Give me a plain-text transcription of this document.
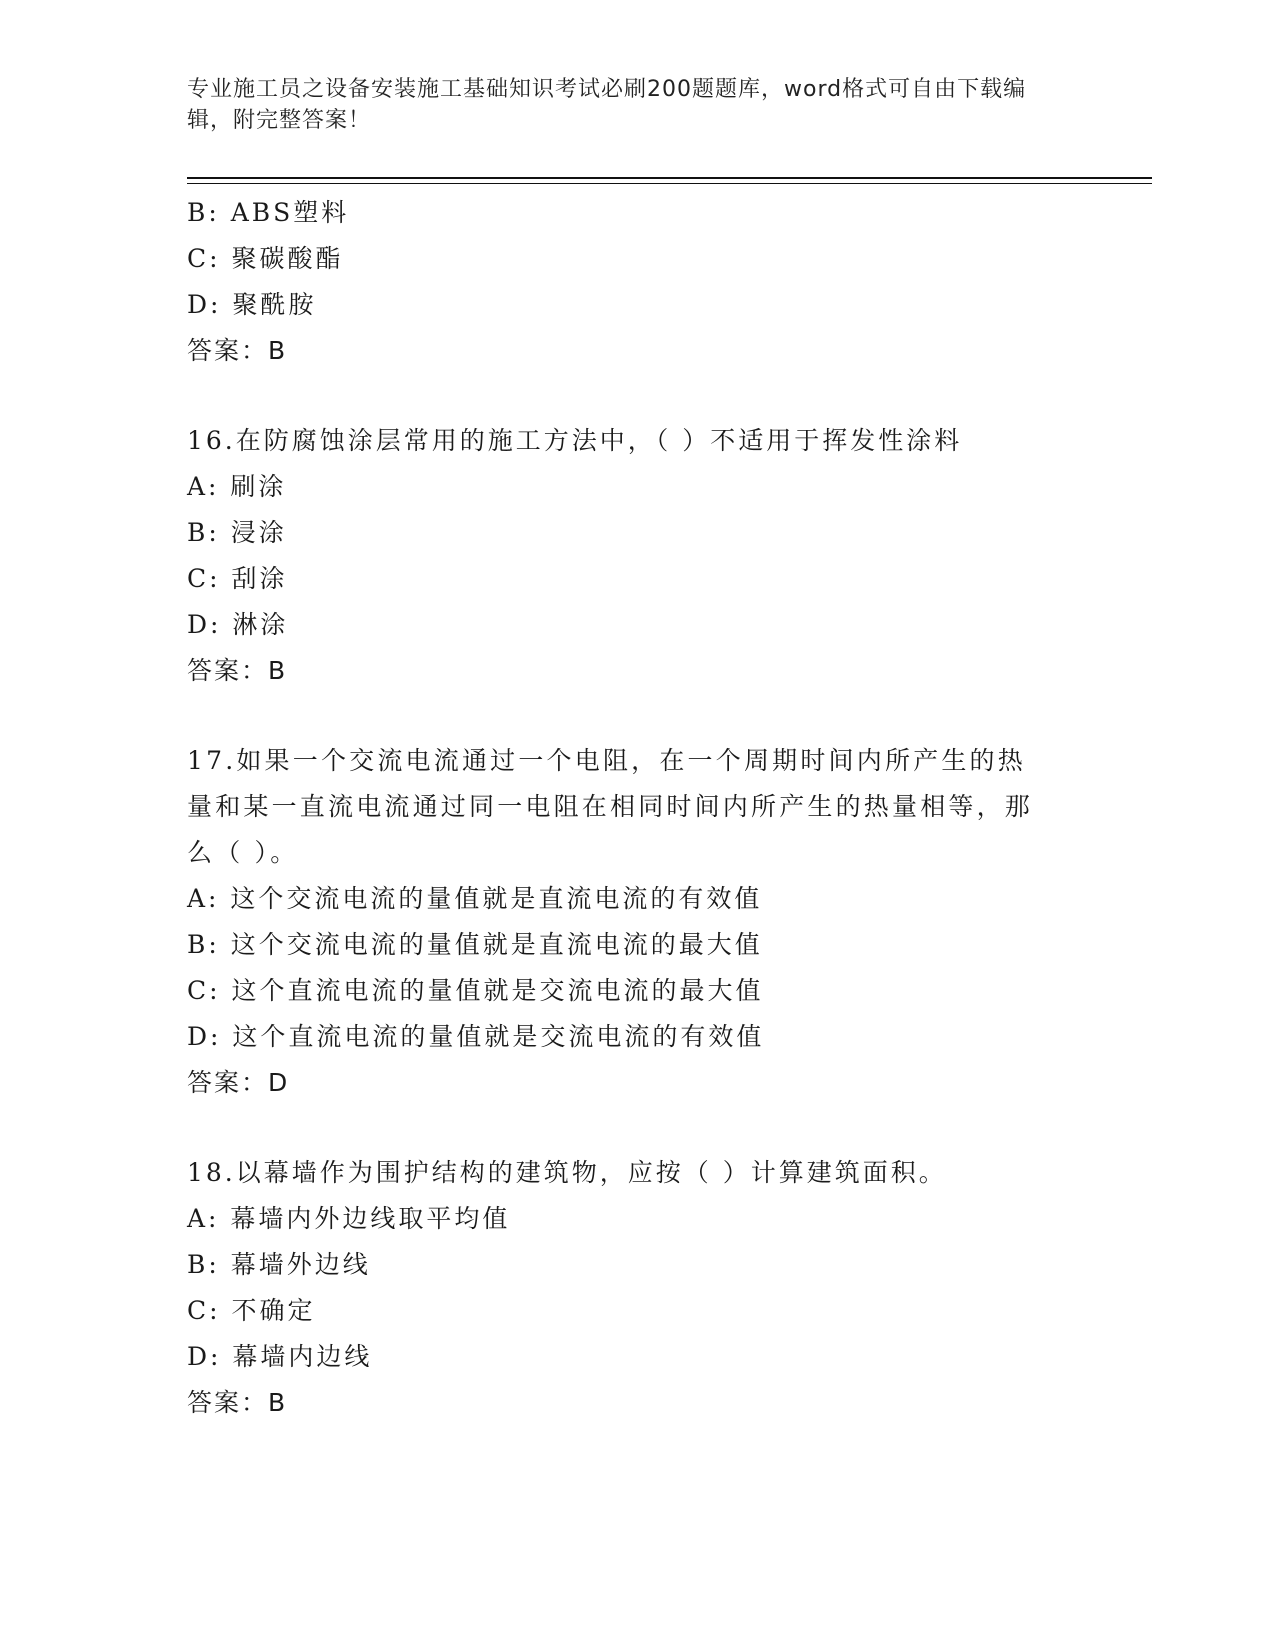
专业施工员之设备安装施工基础知识考试必刷200题题库，word格式可自由下载编辑，附完整答案！
B: ABS塑料
C: 聚碳酸酯
D: 聚酰胺
答案：B
16.在防腐蚀涂层常用的施工方法中，（ ）不适用于挥发性涂料
A: 刷涂
B: 浸涂
C: 刮涂
D: 淋涂
答案：B
17.如果一个交流电流通过一个电阻，在一个周期时间内所产生的热量和某一直流电流通过同一电阻在相同时间内所产生的热量相等，那么（ ）。
A: 这个交流电流的量值就是直流电流的有效值
B: 这个交流电流的量值就是直流电流的最大值
C: 这个直流电流的量值就是交流电流的最大值
D: 这个直流电流的量值就是交流电流的有效值
答案：D
18.以幕墙作为围护结构的建筑物，应按（ ）计算建筑面积。
A: 幕墙内外边线取平均值
B: 幕墙外边线
C: 不确定
D: 幕墙内边线
答案：B
